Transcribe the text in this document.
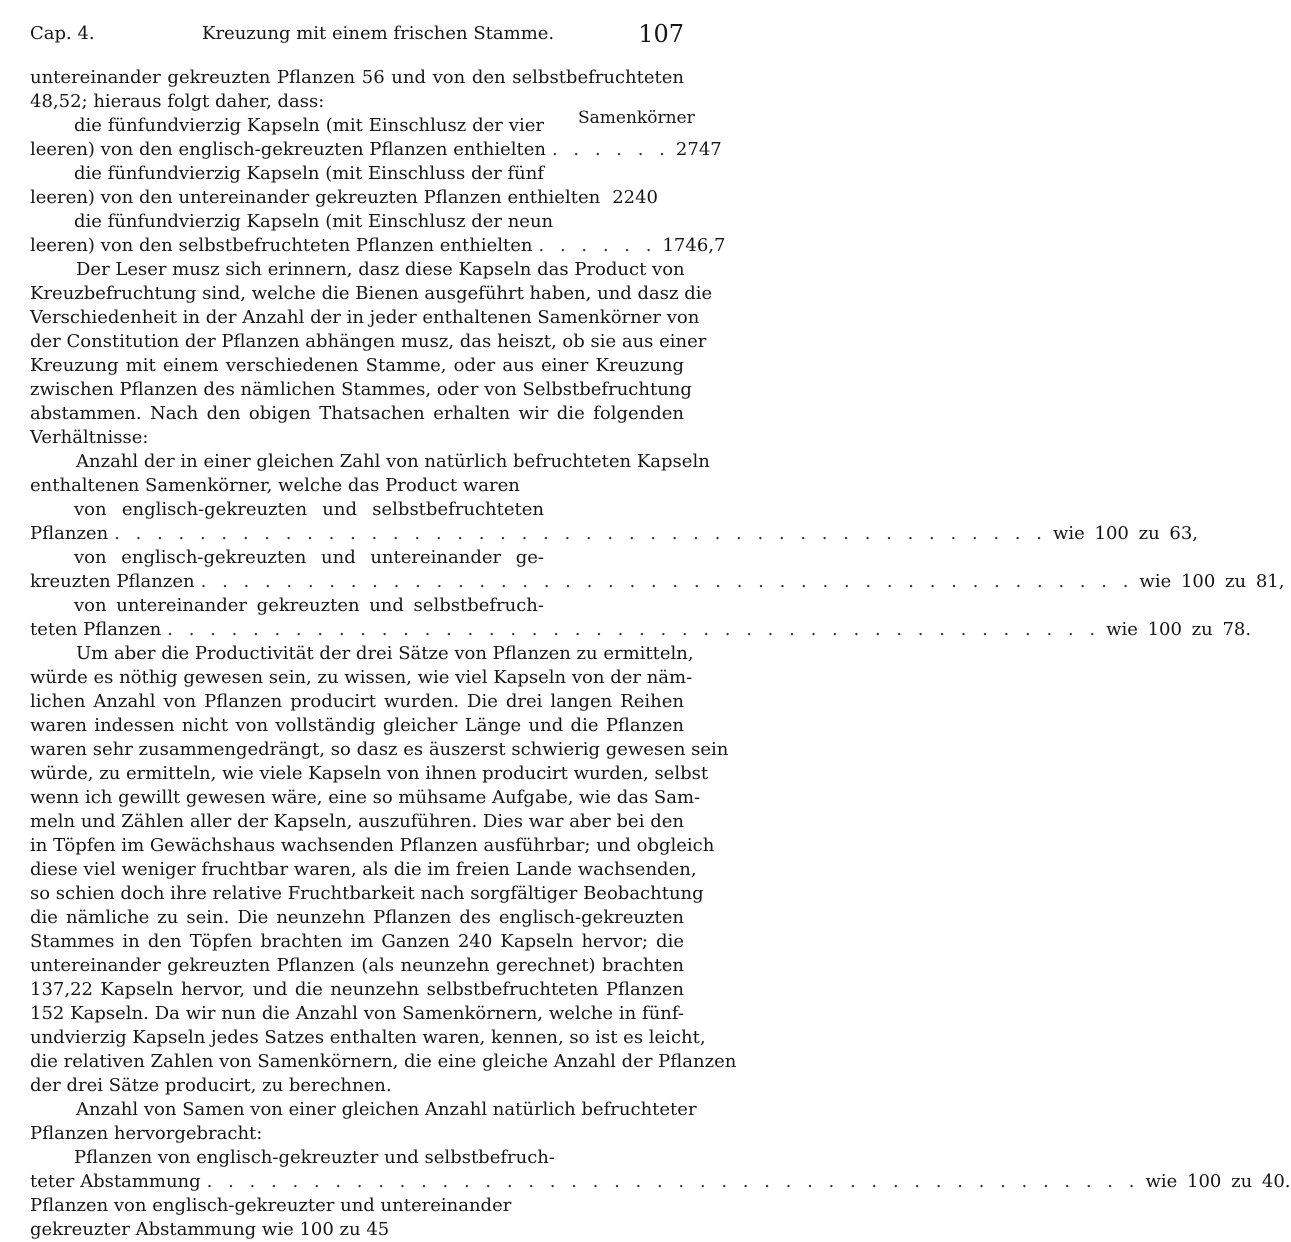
Cap. 4.	Kreuzung mit einem frischen Stamme.	107
untereinander gekreuzten Pflanzen 56 und von den selbstbefruchteten
48,52; hieraus folgt daher, dass:
Samenkörner
die fünfundvierzig Kapseln (mit Einschlusz der vier
leeren) von den englisch-gekreuzten Pflanzen enthielten . . . . . . 2747
die fünfundvierzig Kapseln (mit Einschluss der fünf
leeren) von den untereinander gekreuzten Pflanzen enthielten 2240
die fünfundvierzig Kapseln (mit Einschlusz der neun
leeren) von den selbstbefruchteten Pflanzen enthielten . . . . . . 1746,7
Der Leser musz sich erinnern, dasz diese Kapseln das Product von
Kreuzbefruchtung sind, welche die Bienen ausgeführt haben, und dasz die
Verschiedenheit in der Anzahl der in jeder enthaltenen Samenkörner von
der Constitution der Pflanzen abhängen musz, das heiszt, ob sie aus einer
Kreuzung mit einem verschiedenen Stamme, oder aus einer Kreuzung
zwischen Pflanzen des nämlichen Stammes, oder von Selbstbefruchtung
abstammen. Nach den obigen Thatsachen erhalten wir die folgenden
Verhältnisse:
Anzahl der in einer gleichen Zahl von natürlich befruchteten Kapseln
enthaltenen Samenkörner, welche das Product waren
von englisch-gekreuzten und selbstbefruchteten
Pflanzen . . . . . . . . . . . . . . . . . . . . . . . . . . . . . . . . . . . . . . . . . . . . wie 100 zu 63,
von englisch-gekreuzten und untereinander ge-
kreuzten Pflanzen . . . . . . . . . . . . . . . . . . . . . . . . . . . . . . . . . . . . . . . . . . . . wie 100 zu 81,
von untereinander gekreuzten und selbstbefruch-
teten Pflanzen . . . . . . . . . . . . . . . . . . . . . . . . . . . . . . . . . . . . . . . . . . . . wie 100 zu 78.
Um aber die Productivität der drei Sätze von Pflanzen zu ermitteln,
würde es nöthig gewesen sein, zu wissen, wie viel Kapseln von der näm-
lichen Anzahl von Pflanzen producirt wurden. Die drei langen Reihen
waren indessen nicht von vollständig gleicher Länge und die Pflanzen
waren sehr zusammengedrängt, so dasz es äuszerst schwierig gewesen sein
würde, zu ermitteln, wie viele Kapseln von ihnen producirt wurden, selbst
wenn ich gewillt gewesen wäre, eine so mühsame Aufgabe, wie das Sam-
meln und Zählen aller der Kapseln, auszuführen. Dies war aber bei den
in Töpfen im Gewächshaus wachsenden Pflanzen ausführbar; und obgleich
diese viel weniger fruchtbar waren, als die im freien Lande wachsenden,
so schien doch ihre relative Fruchtbarkeit nach sorgfältiger Beobachtung
die nämliche zu sein. Die neunzehn Pflanzen des englisch-gekreuzten
Stammes in den Töpfen brachten im Ganzen 240 Kapseln hervor; die
untereinander gekreuzten Pflanzen (als neunzehn gerechnet) brachten
137,22 Kapseln hervor, und die neunzehn selbstbefruchteten Pflanzen
152 Kapseln. Da wir nun die Anzahl von Samenkörnern, welche in fünf-
undvierzig Kapseln jedes Satzes enthalten waren, kennen, so ist es leicht,
die relativen Zahlen von Samenkörnern, die eine gleiche Anzahl der Pflanzen
der drei Sätze producirt, zu berechnen.
Anzahl von Samen von einer gleichen Anzahl natürlich befruchteter
Pflanzen hervorgebracht:
Pflanzen von englisch-gekreuzter und selbstbefruch-
teter Abstammung . . . . . . . . . . . . . . . . . . . . . . . . . . . . . . . . . . . . . . . . . . . . wie 100 zu 40.
Pflanzen von englisch-gekreuzter und untereinander
gekreuzter Abstammung wie 100 zu 45
